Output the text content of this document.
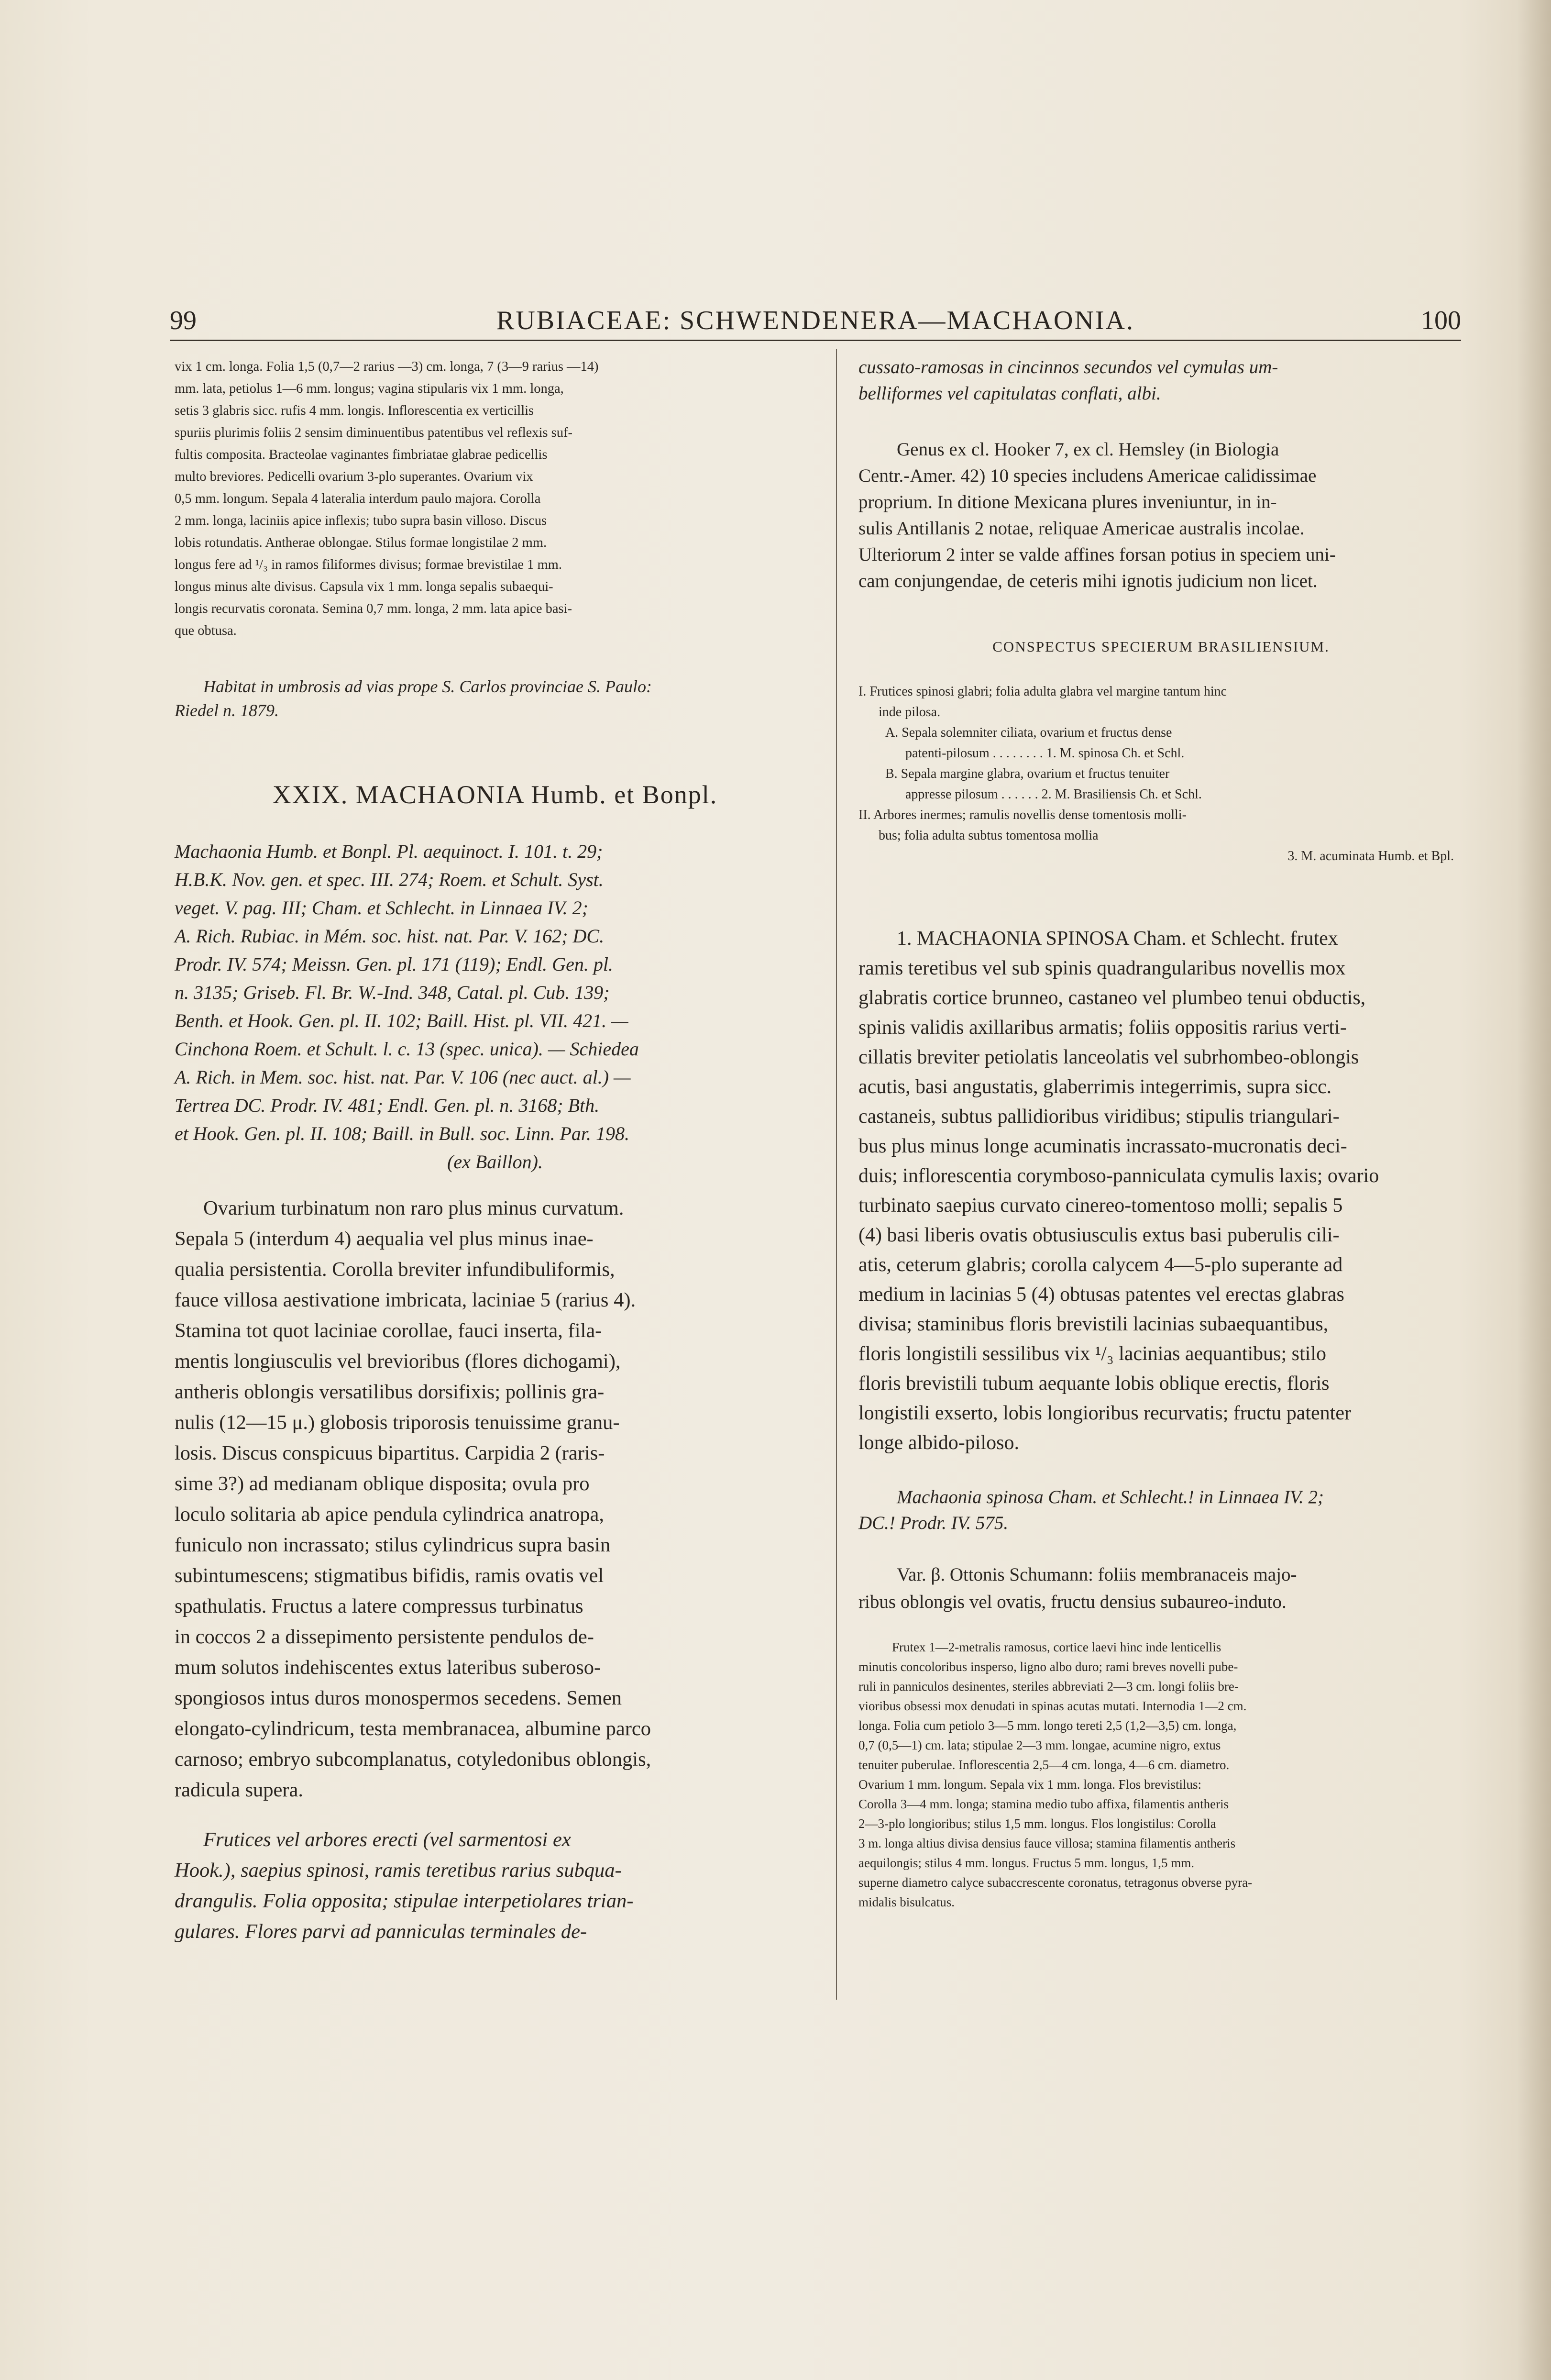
99	RUBIACEAE: SCHWENDENERA—MACHAONIA.	100
vix 1 cm. longa. Folia 1,5 (0,7—2 rarius —3) cm. longa, 7 (3—9 rarius —14)
mm. lata, petiolus 1—6 mm. longus; vagina stipularis vix 1 mm. longa,
setis 3 glabris sicc. rufis 4 mm. longis. Inflorescentia ex verticillis
spuriis plurimis foliis 2 sensim diminuentibus patentibus vel reflexis suf-
fultis composita. Bracteolae vaginantes fimbriatae glabrae pedicellis
multo breviores. Pedicelli ovarium 3-plo superantes. Ovarium vix
0,5 mm. longum. Sepala 4 lateralia interdum paulo majora. Corolla
2 mm. longa, laciniis apice inflexis; tubo supra basin villoso. Discus
lobis rotundatis. Antherae oblongae. Stilus formae longistilae 2 mm.
longus fere ad ¹/₃ in ramos filiformes divisus; formae brevistilae 1 mm.
longus minus alte divisus. Capsula vix 1 mm. longa sepalis subaequi-
longis recurvatis coronata. Semina 0,7 mm. longa, 2 mm. lata apice basi-
que obtusa.
Habitat in umbrosis ad vias prope S. Carlos provinciae S. Paulo:
Riedel n. 1879.
XXIX. MACHAONIA Humb. et Bonpl.
Machaonia Humb. et Bonpl. Pl. aequinoct. I. 101. t. 29;
H.B.K. Nov. gen. et spec. III. 274; Roem. et Schult. Syst.
veget. V. pag. III; Cham. et Schlecht. in Linnaea IV. 2;
A. Rich. Rubiac. in Mém. soc. hist. nat. Par. V. 162; DC.
Prodr. IV. 574; Meissn. Gen. pl. 171 (119); Endl. Gen. pl.
n. 3135; Griseb. Fl. Br. W.-Ind. 348, Catal. pl. Cub. 139;
Benth. et Hook. Gen. pl. II. 102; Baill. Hist. pl. VII. 421. —
Cinchona Roem. et Schult. l. c. 13 (spec. unica). — Schiedea
A. Rich. in Mem. soc. hist. nat. Par. V. 106 (nec auct. al.) —
Tertrea DC. Prodr. IV. 481; Endl. Gen. pl. n. 3168; Bth.
et Hook. Gen. pl. II. 108; Baill. in Bull. soc. Linn. Par. 198.
(ex Baillon).
Ovarium turbinatum non raro plus minus curvatum.
Sepala 5 (interdum 4) aequalia vel plus minus inae-
qualia persistentia. Corolla breviter infundibuliformis,
fauce villosa aestivatione imbricata, laciniae 5 (rarius 4).
Stamina tot quot laciniae corollae, fauci inserta, fila-
mentis longiusculis vel brevioribus (flores dichogami),
antheris oblongis versatilibus dorsifixis; pollinis gra-
nulis (12—15 μ.) globosis triporosis tenuissime granu-
losis. Discus conspicuus bipartitus. Carpidia 2 (raris-
sime 3?) ad medianam oblique disposita; ovula pro
loculo solitaria ab apice pendula cylindrica anatropa,
funiculo non incrassato; stilus cylindricus supra basin
subintumescens; stigmatibus bifidis, ramis ovatis vel
spathulatis. Fructus a latere compressus turbinatus
in coccos 2 a dissepimento persistente pendulos de-
mum solutos indehiscentes extus lateribus suberoso-
spongiosos intus duros monospermos secedens. Semen
elongato-cylindricum, testa membranacea, albumine parco
carnoso; embryo subcomplanatus, cotyledonibus oblongis,
radicula supera.
Frutices vel arbores erecti (vel sarmentosi ex
Hook.), saepius spinosi, ramis teretibus rarius subqua-
drangulis. Folia opposita; stipulae interpetiolares trian-
gulares. Flores parvi ad panniculas terminales de-
cussato-ramosas in cincinnos secundos vel cymulas um-
belliformes vel capitulatas conflati, albi.
Genus ex cl. Hooker 7, ex cl. Hemsley (in Biologia
Centr.-Amer. 42) 10 species includens Americae calidissimae
proprium. In ditione Mexicana plures inveniuntur, in in-
sulis Antillanis 2 notae, reliquae Americae australis incolae.
Ulteriorum 2 inter se valde affines forsan potius in speciem uni-
cam conjungendae, de ceteris mihi ignotis judicium non licet.
CONSPECTUS SPECIERUM BRASILIENSIUM.
I. Frutices spinosi glabri; folia adulta glabra vel margine tantum hinc
inde pilosa.
A. Sepala solemniter ciliata, ovarium et fructus dense
patenti-pilosum . . . . . . . . 1. M. spinosa Ch. et Schl.
B. Sepala margine glabra, ovarium et fructus tenuiter
appresse pilosum . . . . . . 2. M. Brasiliensis Ch. et Schl.
II. Arbores inermes; ramulis novellis dense tomentosis molli-
bus; folia adulta subtus tomentosa mollia
3. M. acuminata Humb. et Bpl.
1. MACHAONIA SPINOSA Cham. et Schlecht. frutex
ramis teretibus vel sub spinis quadrangularibus novellis mox
glabratis cortice brunneo, castaneo vel plumbeo tenui obductis,
spinis validis axillaribus armatis; foliis oppositis rarius verti-
cillatis breviter petiolatis lanceolatis vel subrhombeo-oblongis
acutis, basi angustatis, glaberrimis integerrimis, supra sicc.
castaneis, subtus pallidioribus viridibus; stipulis triangulari-
bus plus minus longe acuminatis incrassato-mucronatis deci-
duis; inflorescentia corymboso-panniculata cymulis laxis; ovario
turbinato saepius curvato cinereo-tomentoso molli; sepalis 5
(4) basi liberis ovatis obtusiusculis extus basi puberulis cili-
atis, ceterum glabris; corolla calycem 4—5-plo superante ad
medium in lacinias 5 (4) obtusas patentes vel erectas glabras
divisa; staminibus floris brevistili lacinias subaequantibus,
floris longistili sessilibus vix ¹/₃ lacinias aequantibus; stilo
floris brevistili tubum aequante lobis oblique erectis, floris
longistili exserto, lobis longioribus recurvatis; fructu patenter
longe albido-piloso.
Machaonia spinosa Cham. et Schlecht.! in Linnaea IV. 2;
DC.! Prodr. IV. 575.
Var. β. Ottonis Schumann: foliis membranaceis majo-
ribus oblongis vel ovatis, fructu densius subaureo-induto.
Frutex 1—2-metralis ramosus, cortice laevi hinc inde lenticellis
minutis concoloribus insperso, ligno albo duro; rami breves novelli pube-
ruli in panniculos desinentes, steriles abbreviati 2—3 cm. longi foliis bre-
vioribus obsessi mox denudati in spinas acutas mutati. Internodia 1—2 cm.
longa. Folia cum petiolo 3—5 mm. longo tereti 2,5 (1,2—3,5) cm. longa,
0,7 (0,5—1) cm. lata; stipulae 2—3 mm. longae, acumine nigro, extus
tenuiter puberulae. Inflorescentia 2,5—4 cm. longa, 4—6 cm. diametro.
Ovarium 1 mm. longum. Sepala vix 1 mm. longa. Flos brevistilus:
Corolla 3—4 mm. longa; stamina medio tubo affixa, filamentis antheris
2—3-plo longioribus; stilus 1,5 mm. longus. Flos longistilus: Corolla
3 m. longa altius divisa densius fauce villosa; stamina filamentis antheris
aequilongis; stilus 4 mm. longus. Fructus 5 mm. longus, 1,5 mm.
superne diametro calyce subaccrescente coronatus, tetragonus obverse pyra-
midalis bisulcatus.
